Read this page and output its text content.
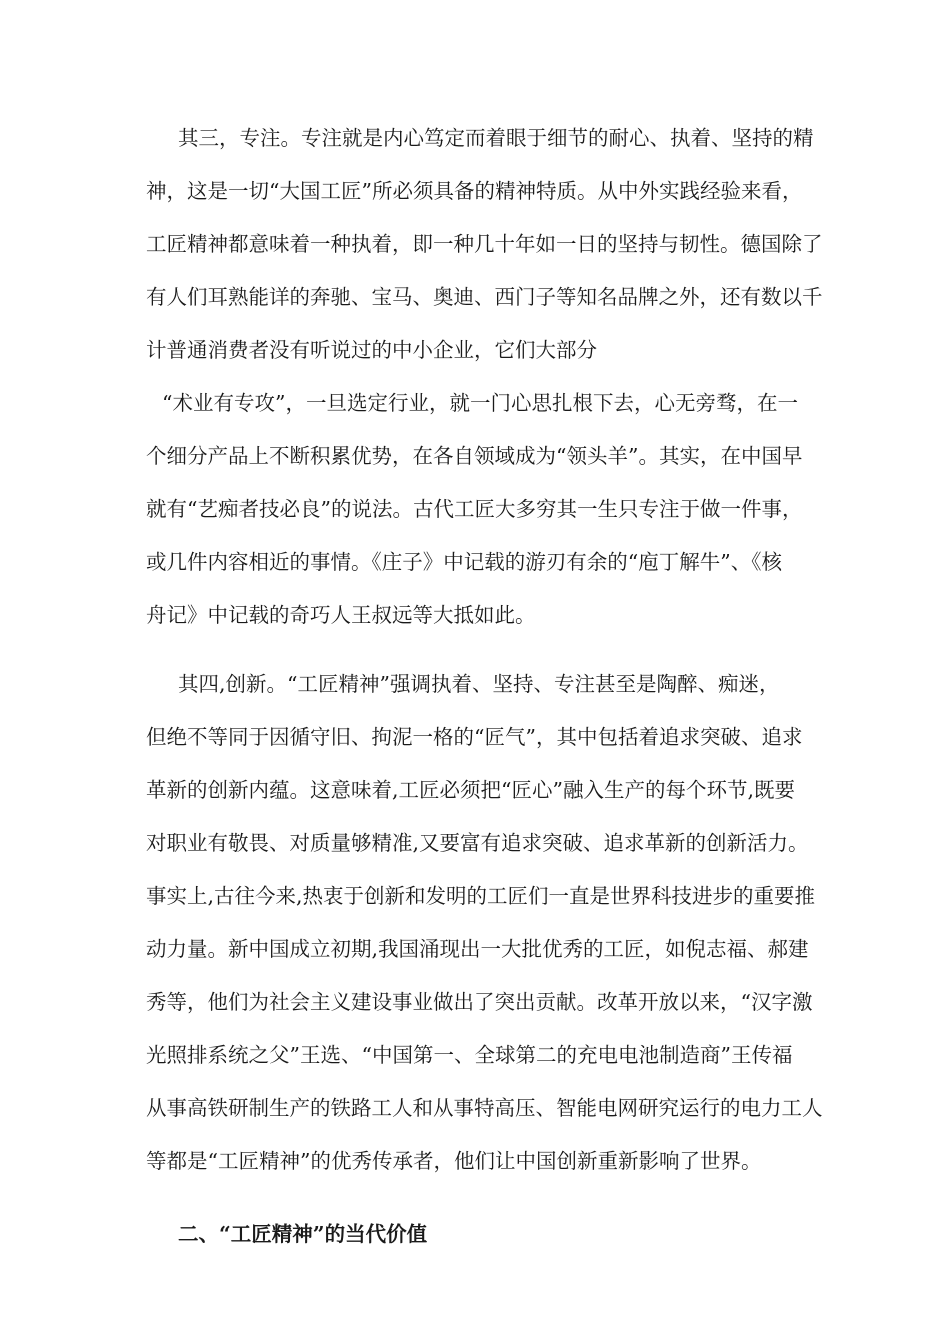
其三，专注。专注就是内心笃定而着眼于细节的耐心、执着、坚持的精
神，这是一切“大国工匠”所必须具备的精神特质。从中外实践经验来看，
工匠精神都意味着一种执着，即一种几十年如一日的坚持与韧性。德国除了
有人们耳熟能详的奔驰、宝马、奥迪、西门子等知名品牌之外，还有数以千
计普通消费者没有听说过的中小企业，它们大部分
“术业有专攻”，一旦选定行业，就一门心思扎根下去，心无旁骛，在一
个细分产品上不断积累优势，在各自领域成为“领头羊”。其实，在中国早
就有“艺痴者技必良”的说法。古代工匠大多穷其一生只专注于做一件事，
或几件内容相近的事情。《庄子》中记载的游刃有余的“庖丁解牛”、《核
舟记》中记载的奇巧人王叔远等大抵如此。
其四,创新。“工匠精神”强调执着、坚持、专注甚至是陶醉、痴迷，
但绝不等同于因循守旧、拘泥一格的“匠气”，其中包括着追求突破、追求
革新的创新内蕴。这意味着,工匠必须把“匠心”融入生产的每个环节,既要
对职业有敬畏、对质量够精准,又要富有追求突破、追求革新的创新活力。
事实上,古往今来,热衷于创新和发明的工匠们一直是世界科技进步的重要推
动力量。新中国成立初期,我国涌现出一大批优秀的工匠，如倪志福、郝建
秀等，他们为社会主义建设事业做出了突出贡献。改革开放以来，“汉字激
光照排系统之父”王选、“中国第一、全球第二的充电电池制造商”王传福
从事高铁研制生产的铁路工人和从事特高压、智能电网研究运行的电力工人
等都是“工匠精神”的优秀传承者，他们让中国创新重新影响了世界。
二、“工匠精神”的当代价值
